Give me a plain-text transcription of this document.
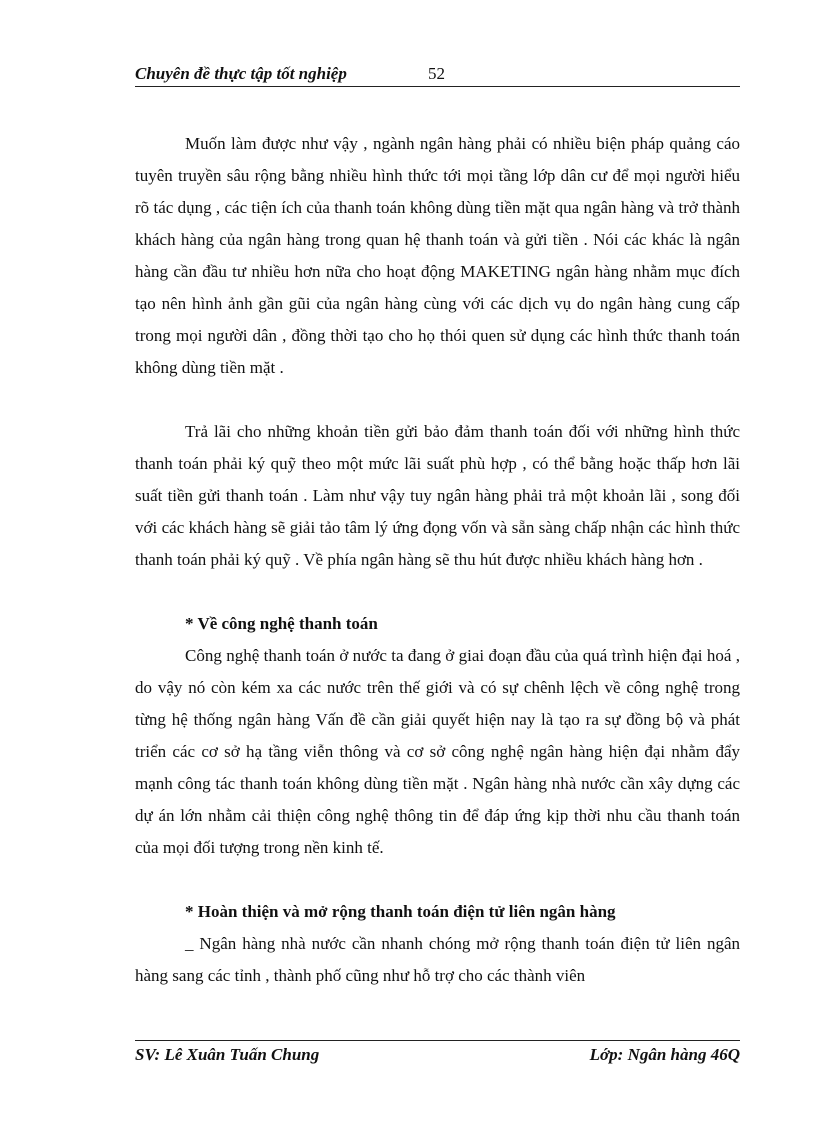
Chuyên đề thực tập tốt nghiệp	52

Muốn làm được như vậy , ngành ngân hàng phải có nhiều biện pháp quảng cáo tuyên truyền sâu rộng bằng nhiều hình thức tới mọi tầng lớp dân cư để mọi người hiểu rõ tác dụng , các tiện ích của thanh toán không dùng tiền mặt qua ngân hàng và trở thành khách hàng của ngân hàng trong quan hệ thanh toán và gửi tiền . Nói các khác là ngân hàng cần đầu tư nhiều hơn nữa cho hoạt động MAKETING ngân hàng nhằm mục đích tạo nên hình ảnh gần gũi của ngân hàng cùng với các dịch vụ do ngân hàng cung cấp trong mọi người dân , đồng thời tạo cho họ thói quen sử dụng các hình thức thanh toán không dùng tiền mặt .

Trả lãi cho những khoản tiền gửi bảo đảm thanh toán đối với những hình thức thanh toán phải ký quỹ theo một mức lãi suất phù hợp , có thể bằng hoặc thấp hơn lãi suất tiền gửi thanh toán . Làm như vậy tuy ngân hàng phải trả một khoản lãi , song đối với các khách hàng sẽ giải tảo tâm lý ứng đọng vốn và sẵn sàng chấp nhận các hình thức thanh toán phải ký quỹ . Về phía ngân hàng sẽ thu hút được nhiều khách hàng hơn .

* Về công nghệ thanh toán

Công nghệ thanh toán ở nước ta đang ở giai đoạn đầu của quá trình hiện đại hoá , do vậy nó còn kém xa các nước trên thế giới và có sự chênh lệch về công nghệ trong từng hệ thống ngân hàng Vấn đề cần giải quyết hiện nay là tạo ra sự đồng bộ và phát triển các cơ sở hạ tầng viễn thông và cơ sở công nghệ ngân hàng hiện đại nhằm đẩy mạnh công tác thanh toán không dùng tiền mặt . Ngân hàng nhà nước cần xây dựng các dự án lớn nhằm cải thiện công nghệ thông tin để đáp ứng kịp thời nhu cầu thanh toán của mọi đối tượng trong nền kinh tế.

* Hoàn thiện và mở rộng thanh toán điện tử liên ngân hàng

_ Ngân hàng nhà nước cần nhanh chóng mở rộng thanh toán điện tử liên ngân hàng sang các tỉnh , thành phố cũng như hỗ trợ cho các thành viên

SV: Lê Xuân Tuấn Chung	Lớp: Ngân hàng 46Q
